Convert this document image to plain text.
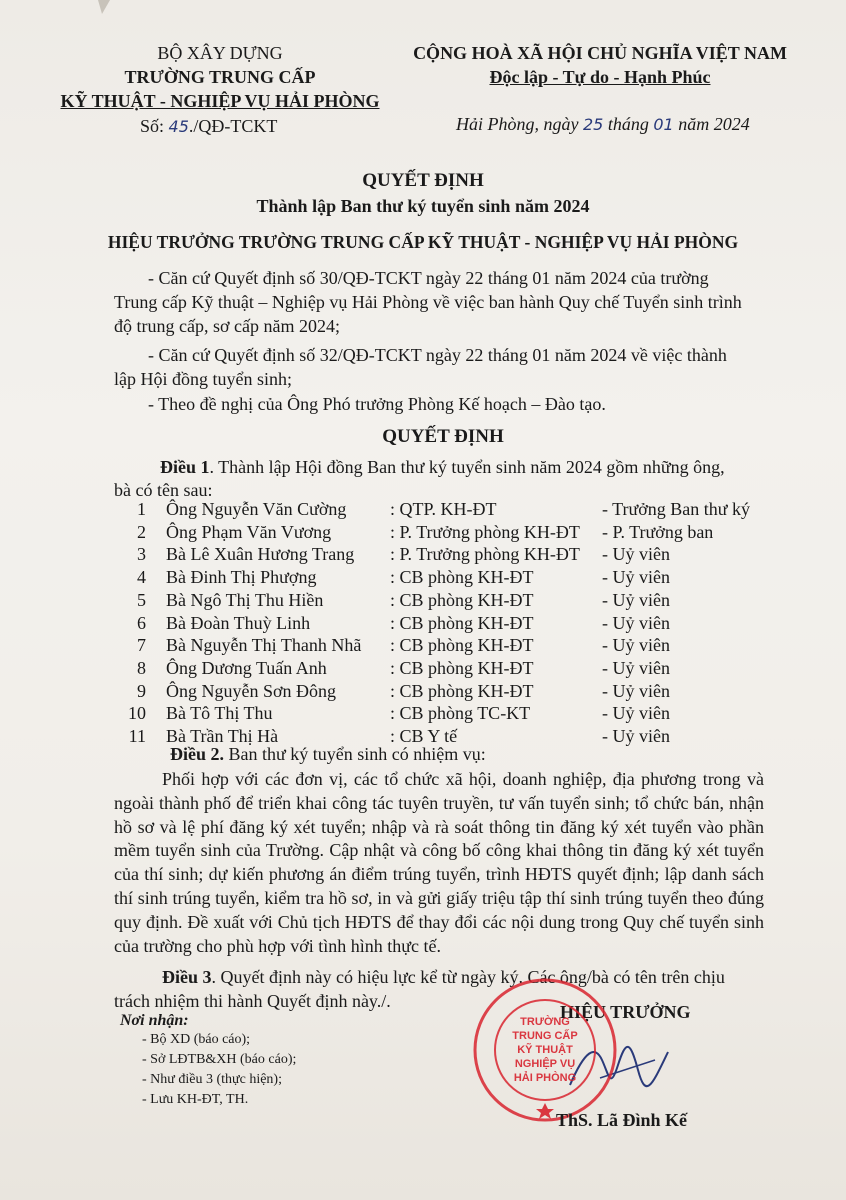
BỘ XÂY DỰNG

TRƯỜNG TRUNG CẤP

KỸ THUẬT - NGHIỆP VỤ HẢI PHÒNG

Số: 45./QĐ-TCKT

CỘNG HOÀ XÃ HỘI CHỦ NGHĨA VIỆT NAM

Độc lập - Tự do - Hạnh Phúc

Hải Phòng, ngày 25 tháng 01 năm 2024

QUYẾT ĐỊNH

Thành lập Ban thư ký tuyển sinh năm 2024

HIỆU TRƯỞNG TRƯỜNG TRUNG CẤP KỸ THUẬT - NGHIỆP VỤ HẢI PHÒNG

- Căn cứ Quyết định số 30/QĐ-TCKT ngày 22 tháng 01 năm 2024 của trường

Trung cấp Kỹ thuật – Nghiệp vụ Hải Phòng về việc ban hành Quy chế Tuyển sinh trình

độ trung cấp, sơ cấp năm 2024;

- Căn cứ Quyết định số 32/QĐ-TCKT ngày 22 tháng 01 năm 2024 về việc thành

lập Hội đồng tuyển sinh;

- Theo đề nghị của Ông Phó trưởng Phòng Kế hoạch – Đào tạo.

QUYẾT ĐỊNH

Điều 1. Thành lập Hội đồng Ban thư ký tuyển sinh năm 2024 gồm những ông,

bà có tên sau:

1 Ông Nguyễn Văn Cường : QTP. KH-ĐT	- Trưởng Ban thư ký
2 Ông Phạm Văn Vương	: P. Trưởng phòng KH-ĐT - P. Trưởng ban
3 Bà Lê Xuân Hương Trang : P. Trưởng phòng KH-ĐT - Uỷ viên
4 Bà Đinh Thị Phượng	: CB phòng KH-ĐT	- Uỷ viên
5 Bà Ngô Thị Thu Hiền	: CB phòng KH-ĐT	- Uỷ viên
6 Bà Đoàn Thuỳ Linh	: CB phòng KH-ĐT	- Uỷ viên
7 Bà Nguyễn Thị Thanh Nhã : CB phòng KH-ĐT	- Uỷ viên
8 Ông Dương Tuấn Anh	: CB phòng KH-ĐT	- Uỷ viên
9 Ông Nguyễn Sơn Đông	: CB phòng KH-ĐT	- Uỷ viên
10 Bà Tô Thị Thu	: CB phòng TC-KT	- Uỷ viên
11 Bà Trần Thị Hà	: CB Y tế	- Uỷ viên

Điều 2. Ban thư ký tuyển sinh có nhiệm vụ:

Phối hợp với các đơn vị, các tổ chức xã hội, doanh nghiệp, địa phương trong và ngoài thành phố để triển khai công tác tuyên truyền, tư vấn tuyển sinh; tổ chức bán, nhận hồ sơ và lệ phí đăng ký xét tuyển; nhập và rà soát thông tin đăng ký xét tuyển vào phần mềm tuyển sinh của Trường. Cập nhật và công bố công khai thông tin đăng ký xét tuyển của thí sinh; dự kiến phương án điểm trúng tuyển, trình HĐTS quyết định; lập danh sách thí sinh trúng tuyển, kiểm tra hồ sơ, in và gửi giấy triệu tập thí sinh trúng tuyển theo đúng quy định. Đề xuất với Chủ tịch HĐTS để thay đổi các nội dung trong Quy chế tuyển sinh của trường cho phù hợp với tình hình thực tế.

Điều 3. Quyết định này có hiệu lực kể từ ngày ký. Các ông/bà có tên trên chịu

trách nhiệm thi hành Quyết định này./.

Nơi nhận:

- Bộ XD (báo cáo);

- Sở LĐTB&XH (báo cáo);

- Như điều 3 (thực hiện);

- Lưu KH-ĐT, TH.

HIỆU TRƯỞNG

TRƯỜNG
TRUNG CẤP
KỸ THUẬT
NGHIỆP VỤ
HẢI PHÒNG

ThS. Lã Đình Kế
